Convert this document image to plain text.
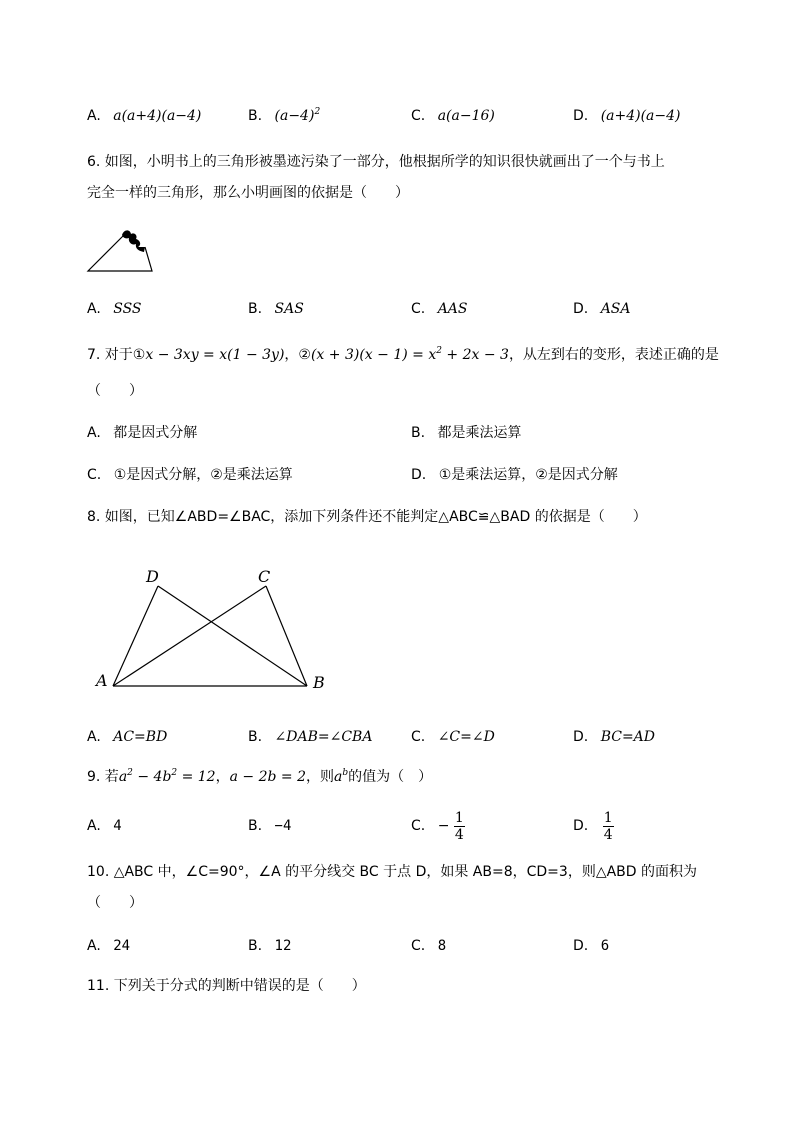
A. a(a+4)(a−4)	B. $(a-4)^2$	C. a(a−16)	D. (a+4)(a−4)
6. 如图，小明书上的三角形被墨迹污染了一部分，他根据所学的知识很快就画出了一个与书上
完全一样的三角形，那么小明画图的依据是（　　）
A. SSS	B. SAS	C. AAS	D. ASA
7. 对于①x − 3xy = x(1 − 3y)，②(x + $3)(x - 1) = x^2 + 2x - 3$，从左到右的变形，表述正确的是
（　　）
A. 都是因式分解	B. 都是乘法运算
C. ①是因式分解，②是乘法运算	D. ①是乘法运算，②是因式分解
8. 如图，已知∠ABD=∠BAC，添加下列条件还不能判定△ABC≌△BAD 的依据是（　　）
D	C
A	B
A. AC=BD	B. ∠DAB=∠CBA	C. ∠C=∠D	D. BC=AD
9. 若$a^2 - 4b^2 = 12$，a − 2b = 2，则$a^b$的值为（　）
A. 4	B. −4	C. − $\frac{1}{4}$	D. $\frac{1}{4}$
10. △ABC 中，∠C=90°，∠A 的平分线交 BC 于点 D，如果 AB=8，CD=3，则△ABD 的面积为
（　　）
A. 24	B. 12	C. 8	D. 6
11. 下列关于分式的判断中错误的是（　　）
